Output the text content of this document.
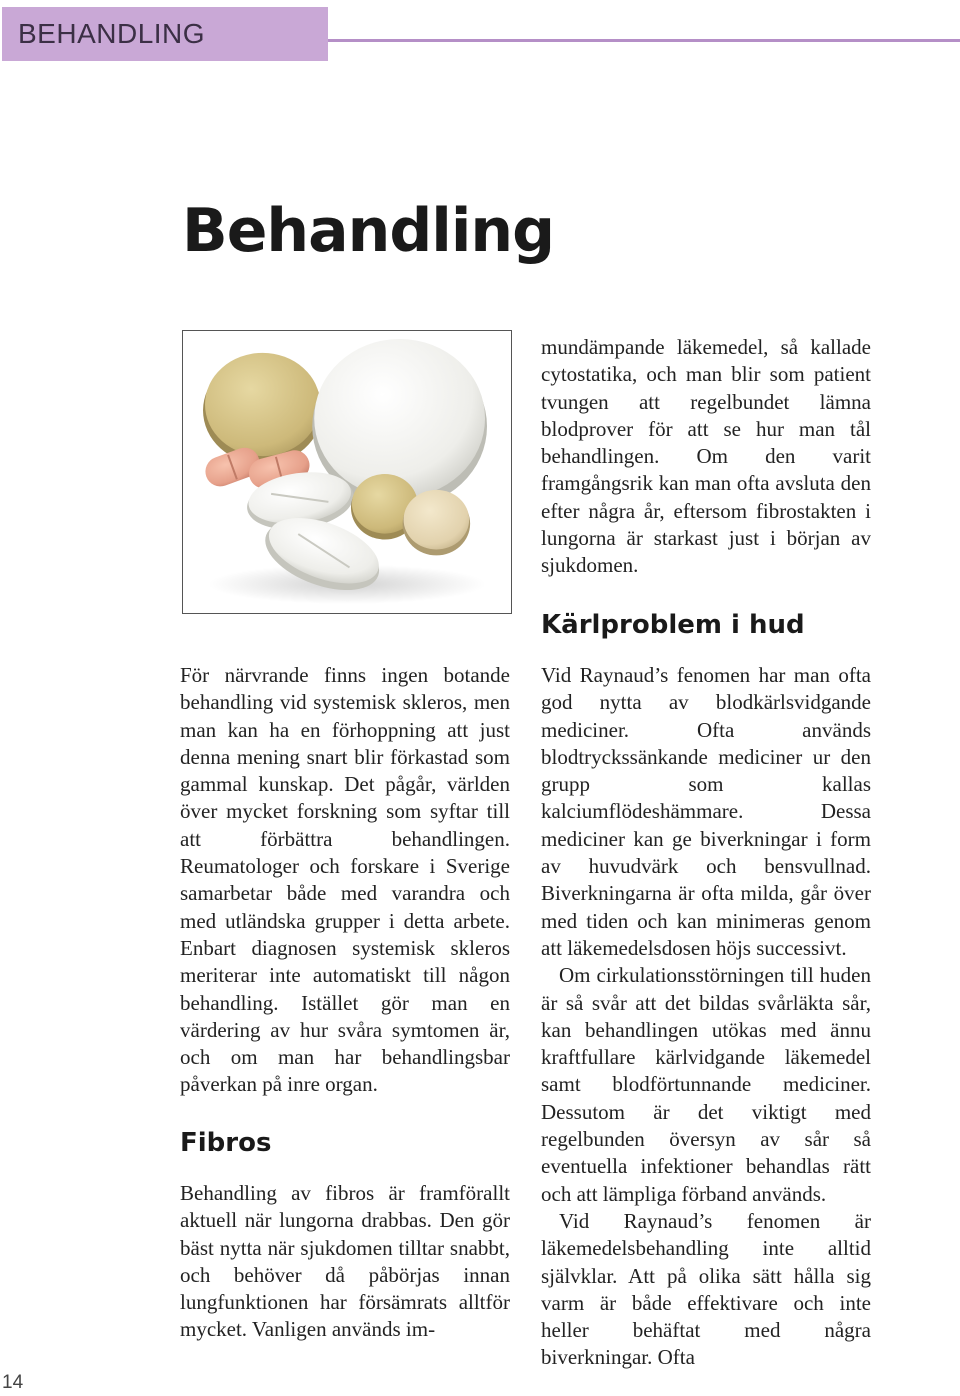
BEHANDLING
Behandling

För närvrande finns ingen botande behandling vid systemisk skleros, men man kan ha en förhoppning att just denna mening snart blir förkastad som gammal kunskap. Det pågår, världen över mycket forskning som syftar till att förbättra behandlingen. Reumatologer och forskare i Sverige samarbetar både med varandra och med utländska grupper i detta arbete. Enbart diagnosen systemisk skleros meriterar inte automatiskt till någon behandling. Istället gör man en värdering av hur svåra symtomen är, och om man har behandlingsbar påverkan på inre organ.

Fibros

Behandling av fibros är framförallt aktuell när lungorna drabbas. Den gör bäst nytta när sjukdomen tilltar snabbt, och behöver då påbörjas innan lungfunktionen har försämrats alltför mycket. Vanligen används im-

mundämpande läkemedel, så kallade cytostatika, och man blir som patient tvungen att regelbundet lämna blodprover för att se hur man tål behandlingen. Om den varit framgångsrik kan man ofta avsluta den efter några år, eftersom fibrostakten i lungorna är starkast just i början av sjukdomen.

Kärlproblem i hud

Vid Raynaud’s fenomen har man ofta god nytta av blodkärlsvidgande mediciner. Ofta används blodtryckssänkande mediciner ur den grupp som kallas kalciumflödeshämmare. Dessa mediciner kan ge biverkningar i form av huvudvärk och bensvullnad. Biverkningarna är ofta milda, går över med tiden och kan minimeras genom att läkemedelsdosen höjs successivt.

Om cirkulationsstörningen till huden är så svår att det bildas svårläkta sår, kan behandlingen utökas med ännu kraftfullare kärlvidgande läkemedel samt blodförtunnande mediciner. Dessutom är det viktigt med regelbunden översyn av sår så eventuella infektioner behandlas rätt och att lämpliga förband används.

Vid Raynaud’s fenomen är läkemedelsbehandling inte alltid självklar. Att på olika sätt hålla sig varm är både effektivare och inte heller behäftat med några biverkningar. Ofta

14
